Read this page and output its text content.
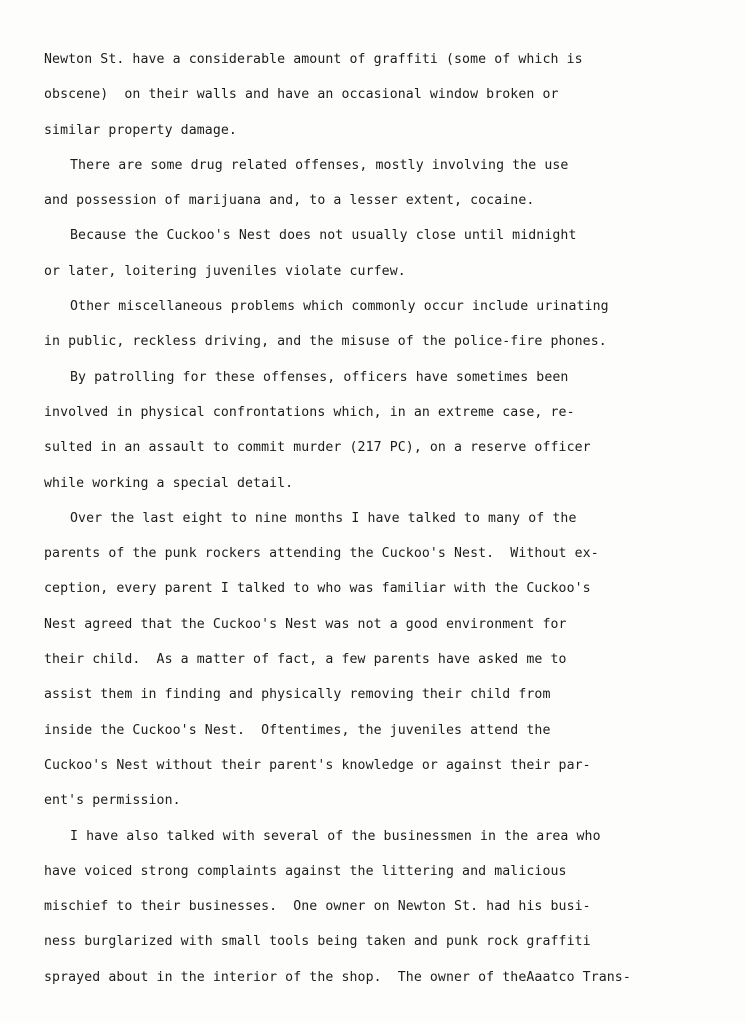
Newton St. have a considerable amount of graffiti (some of which is
obscene)  on their walls and have an occasional window broken or
similar property damage.
There are some drug related offenses, mostly involving the use
and possession of marijuana and, to a lesser extent, cocaine.
Because the Cuckoo's Nest does not usually close until midnight
or later, loitering juveniles violate curfew.
Other miscellaneous problems which commonly occur include urinating
in public, reckless driving, and the misuse of the police-fire phones.
By patrolling for these offenses, officers have sometimes been
involved in physical confrontations which, in an extreme case, re-
sulted in an assault to commit murder (217 PC), on a reserve officer
while working a special detail.
Over the last eight to nine months I have talked to many of the
parents of the punk rockers attending the Cuckoo's Nest.  Without ex-
ception, every parent I talked to who was familiar with the Cuckoo's
Nest agreed that the Cuckoo's Nest was not a good environment for
their child.  As a matter of fact, a few parents have asked me to
assist them in finding and physically removing their child from
inside the Cuckoo's Nest.  Oftentimes, the juveniles attend the
Cuckoo's Nest without their parent's knowledge or against their par-
ent's permission.
I have also talked with several of the businessmen in the area who
have voiced strong complaints against the littering and malicious
mischief to their businesses.  One owner on Newton St. had his busi-
ness burglarized with small tools being taken and punk rock graffiti
sprayed about in the interior of the shop.  The owner of theAaatco Trans-
